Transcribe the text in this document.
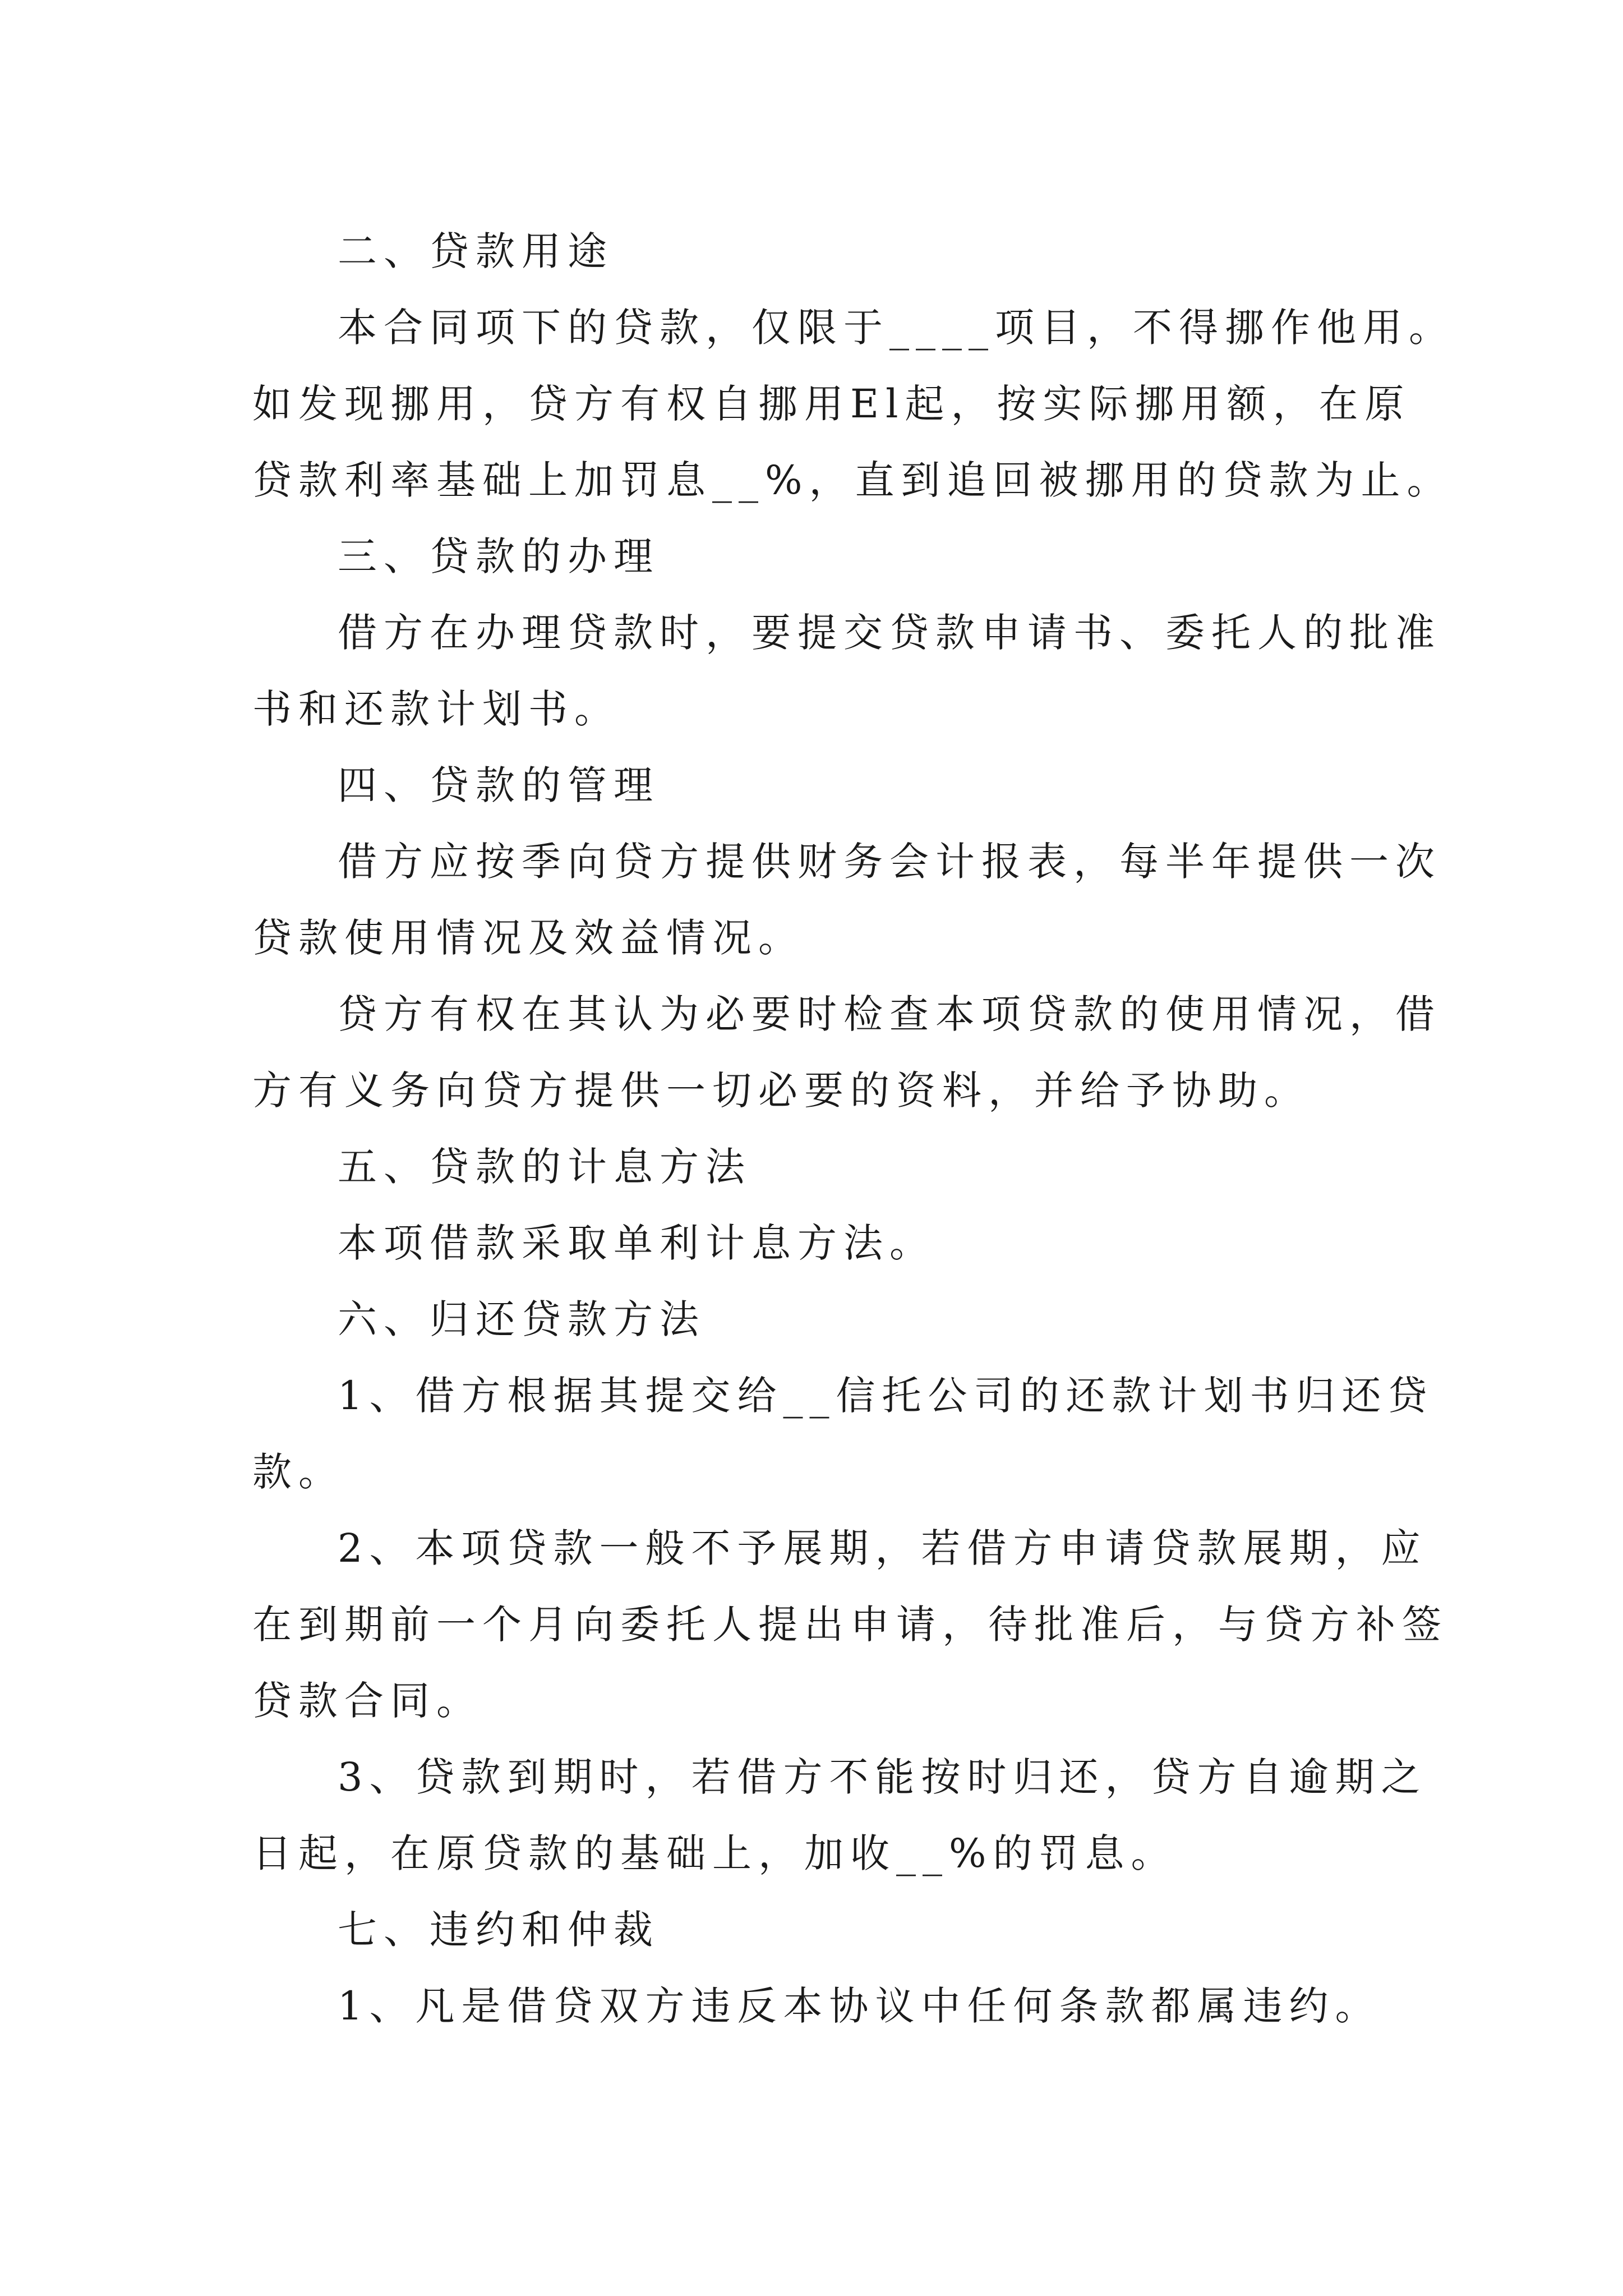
二、贷款用途
本合同项下的贷款，仅限于____项目，不得挪作他用。
如发现挪用，贷方有权自挪用El起，按实际挪用额，在原
贷款利率基础上加罚息__%，直到追回被挪用的贷款为止。
三、贷款的办理
借方在办理贷款时，要提交贷款申请书、委托人的批准
书和还款计划书。
四、贷款的管理
借方应按季向贷方提供财务会计报表，每半年提供一次
贷款使用情况及效益情况。
贷方有权在其认为必要时检查本项贷款的使用情况，借
方有义务向贷方提供一切必要的资料，并给予协助。
五、贷款的计息方法
本项借款采取单利计息方法。
六、归还贷款方法
1、借方根据其提交给__信托公司的还款计划书归还贷
款。
2、本项贷款一般不予展期，若借方申请贷款展期，应
在到期前一个月向委托人提出申请，待批准后，与贷方补签
贷款合同。
3、贷款到期时，若借方不能按时归还，贷方自逾期之
日起，在原贷款的基础上，加收__%的罚息。
七、违约和仲裁
1、凡是借贷双方违反本协议中任何条款都属违约。
